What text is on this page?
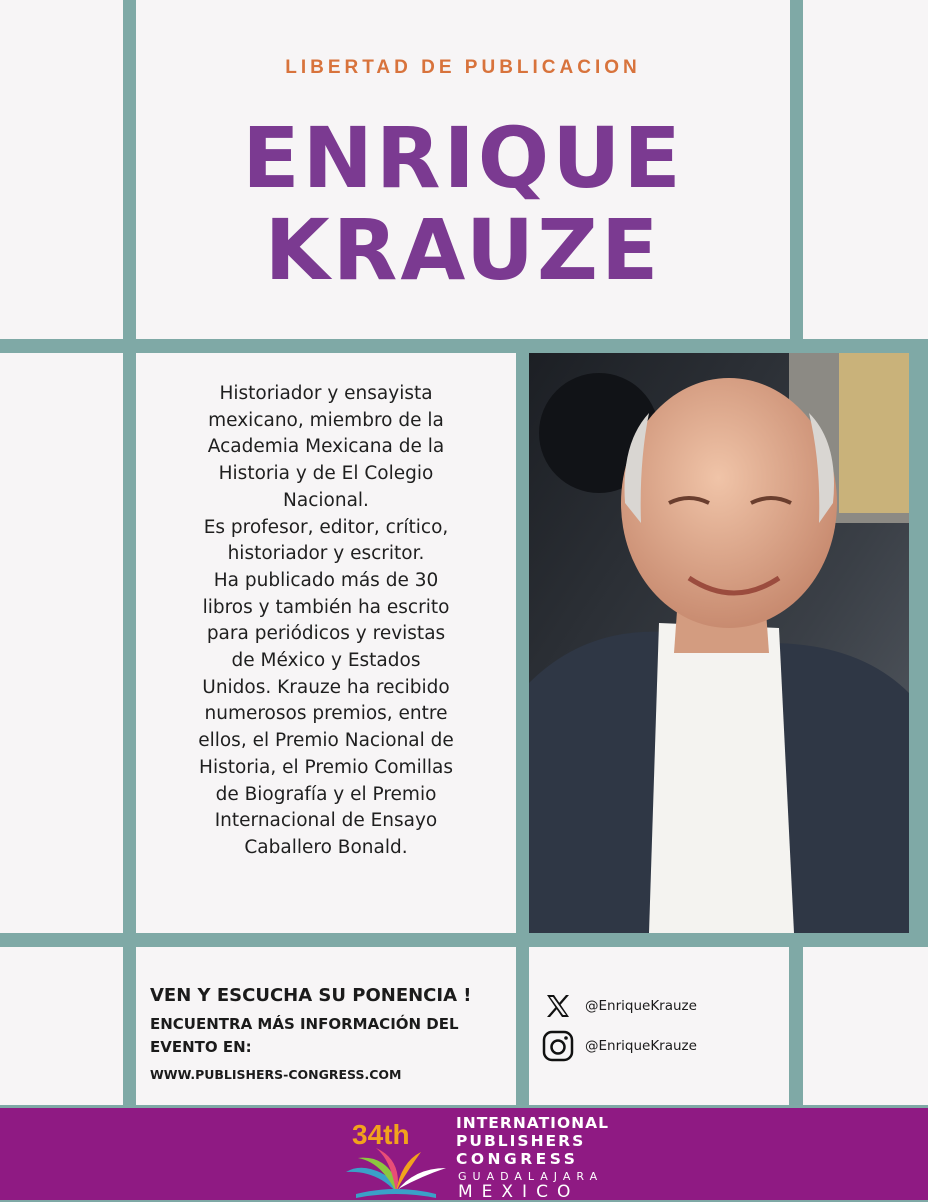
LIBERTAD DE PUBLICACION
ENRIQUE
KRAUZE
Historiador y ensayista
mexicano, miembro de la
Academia Mexicana de la
Historia y de El Colegio
Nacional.
Es profesor, editor, crítico,
historiador y escritor.
Ha publicado más de 30
libros y también ha escrito
para periódicos y revistas
de México y Estados
Unidos. Krauze ha recibido
numerosos premios, entre
ellos, el Premio Nacional de
Historia, el Premio Comillas
de Biografía y el Premio
Internacional de Ensayo
Caballero Bonald.
VEN Y ESCUCHA SU PONENCIA !
ENCUENTRA MÁS INFORMACIÓN DEL EVENTO EN:
WWW.PUBLISHERS-CONGRESS.COM
@EnriqueKrauze
@EnriqueKrauze
34th	INTERNATIONAL
PUBLISHERS
CONGRESS
GUADALAJARA
MEXICO
